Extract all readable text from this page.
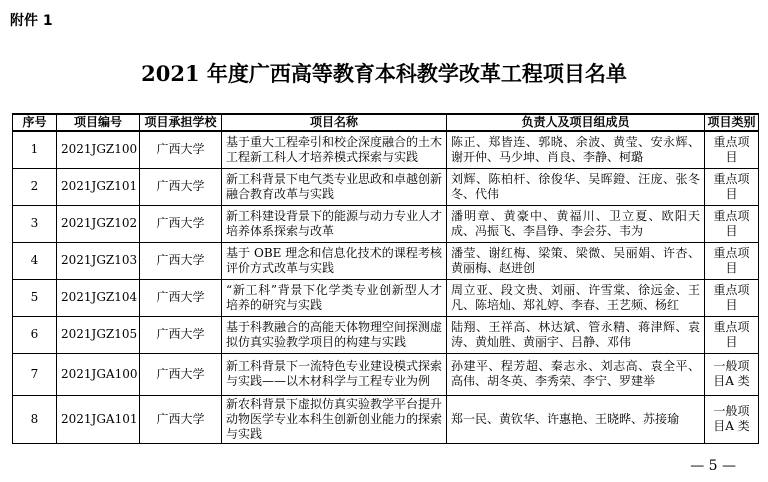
附件 1
2021 年度广西高等教育本科教学改革工程项目名单
序号	项目编号	项目承担学校	项目名称	负责人及项目组成员	项目类别
1	2021JGZ100	广西大学	基于重大工程牵引和校企深度融合的土木工程新工科人才培养模式探索与实践	陈正、郑皆连、郭晓、余波、黄莹、安永辉、谢开仲、马少坤、肖良、李静、柯璐	重点项目
2	2021JGZ101	广西大学	新工科背景下电气类专业思政和卓越创新融合教育改革与实践	刘辉、陈柏杆、徐俊华、吴晖鐙、汪庞、张冬冬、代伟	重点项目
3	2021JGZ102	广西大学	新工科建设背景下的能源与动力专业人才培养体系探索与改革	潘明章、黄豪中、黄福川、卫立夏、欧阳天成、冯振飞、李昌铮、李会芬、韦为	重点项目
4	2021JGZ103	广西大学	基于 OBE 理念和信息化技术的课程考核评价方式改革与实践	潘莹、谢红梅、梁策、梁微、吴丽娟、许杏、黄丽梅、赵进创	重点项目
5	2021JGZ104	广西大学	“新工科”背景下化学类专业创新型人才培养的研究与实践	周立亚、段文贵、刘丽、许雪棠、徐远金、王凡、陈培灿、郑礼婷、李春、王艺频、杨红	重点项目
6	2021JGZ105	广西大学	基于科教融合的高能天体物理空间探测虚拟仿真实验教学项目的构建与实践	陆翔、王祥高、林达斌、管永精、蒋津辉、袁涛、黄灿胜、黄丽宇、吕静、邓伟	重点项目
7	2021JGA100	广西大学	新工科背景下一流特色专业建设模式探索与实践——以木材科学与工程专业为例	孙建平、程芳超、秦志永、刘志高、袁全平、高伟、胡冬英、李秀荣、李宁、罗建举	一般项目A 类
8	2021JGA101	广西大学	新农科背景下虚拟仿真实验教学平台提升动物医学专业本科生创新创业能力的探索与实践	郑一民、黄钦华、许惠艳、王晓晔、苏接瑜	一般项目A 类
— 5 —
